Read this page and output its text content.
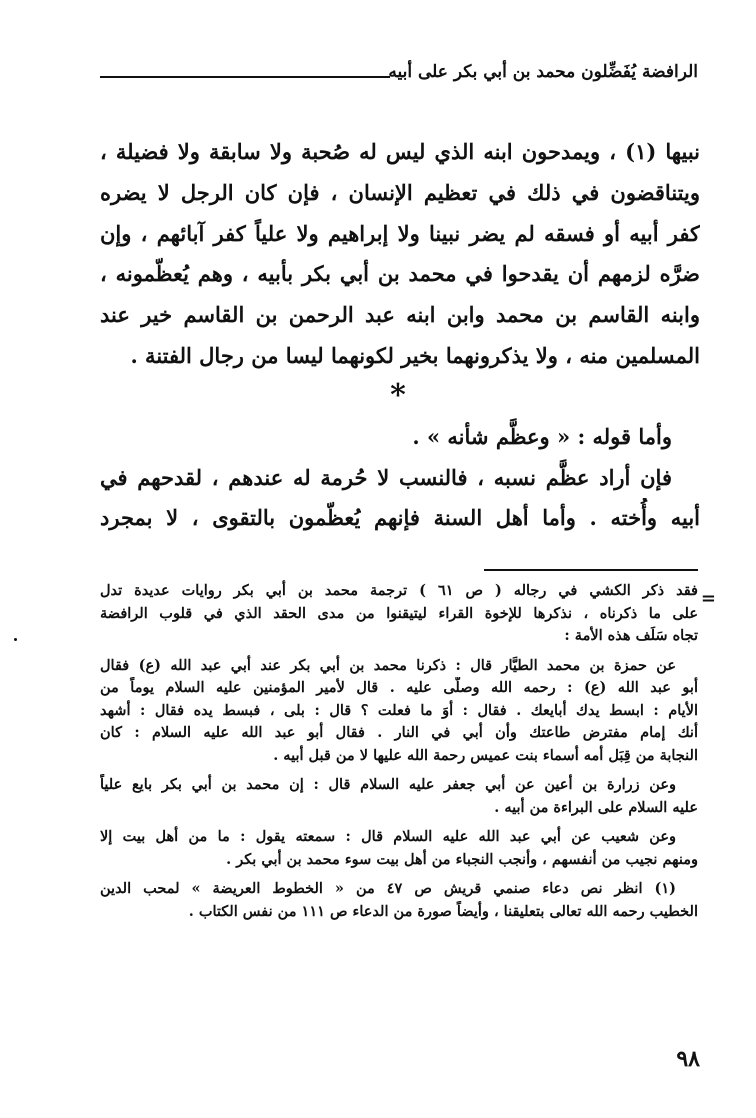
الرافضة يُفَضِّلون محمد بن أبي بكر على أبيه

نبيها (١) ، ويمدحون ابنه الذي ليس له صُحبة ولا سابقة ولا فضيلة ،
ويتناقضون في ذلك في تعظيم الإنسان ، فإن كان الرجل لا يضره
كفر أبيه أو فسقه لم يضر نبينا ولا إبراهيم ولا علياً كفر آبائهم ، وإن
ضرَّه لزمهم أن يقدحوا في محمد بن أبي بكر بأبيه ، وهم يُعظّمونه ،
وابنه القاسم بن محمد وابن ابنه عبد الرحمن بن القاسم خير عند
المسلمين منه ، ولا يذكرونهما بخير لكونهما ليسا من رجال الفتنة .

وأما قوله : « وعظَّم شأنه » .

فإن أراد عظَّم نسبه ، فالنسب لا حُرمة له عندهم ، لقدحهم في
أبيه وأُخته . وأما أهل السنة فإنهم يُعظّمون بالتقوى ، لا بمجرد

*
=
فقد ذكر الكشي في رجاله ( ص ٦١ ) ترجمة محمد بن أبي بكر روايات عديدة تدل
على ما ذكرناه ، نذكرها للإخوة القراء ليتيقنوا من مدى الحقد الذي في قلوب الرافضة
تجاه سَلَف هذه الأمة :
عن حمزة بن محمد الطيَّار قال : ذكرنا محمد بن أبي بكر عند أبي عبد الله (ع) فقال
أبو عبد الله (ع) : رحمه الله وصلّى عليه . قال لأمير المؤمنين عليه السلام يوماً من
الأيام : ابسط يدك أبايعك . فقال : أوَ ما فعلت ؟ قال : بلى ، فبسط يده فقال : أشهد
أنك إمام مفترض طاعتك وأن أبي في النار . فقال أبو عبد الله عليه السلام : كان
النجابة من قِبَل أمه أسماء بنت عميس رحمة الله عليها لا من قبل أبيه .
وعن زرارة بن أعين عن أبي جعفر عليه السلام قال : إن محمد بن أبي بكر بايع علياً
عليه السلام على البراءة من أبيه .
وعن شعيب عن أبي عبد الله عليه السلام قال : سمعته يقول : ما من أهل بيت إلا
ومنهم نجيب من أنفسهم ، وأنجب النجباء من أهل بيت سوء محمد بن أبي بكر .
(١) انظر نص دعاء صنمي قريش ص ٤٧ من « الخطوط العريضة » لمحب الدين
الخطيب رحمه الله تعالى بتعليقنا ، وأيضاً صورة من الدعاء ص ١١١ من نفس الكتاب .
٩٨
